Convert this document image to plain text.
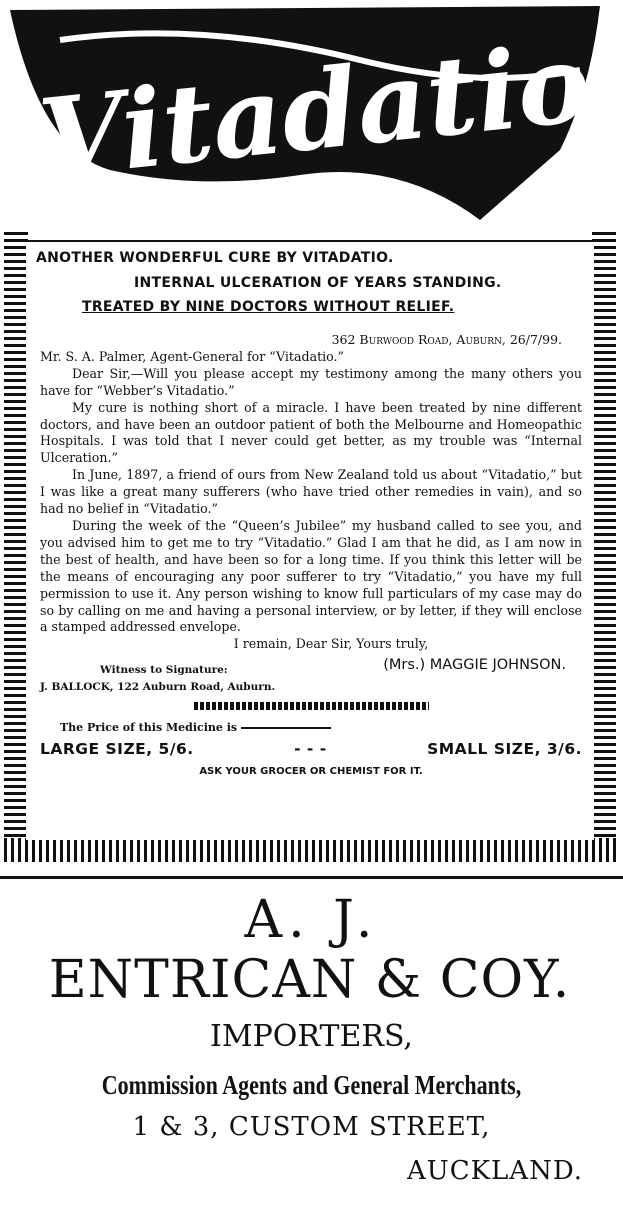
Vitadatio
ANOTHER WONDERFUL CURE BY VITADATIO.
INTERNAL ULCERATION OF YEARS STANDING.
TREATED BY NINE DOCTORS WITHOUT RELIEF.
362 Burwood Road, Auburn, 26/7/99.

Mr. S. A. Palmer, Agent-General for “Vitadatio.”

Dear Sir,—Will you please accept my testimony among the many others you have for “Webber’s Vitadatio.”

My cure is nothing short of a miracle. I have been treated by nine different doctors, and have been an outdoor patient of both the Melbourne and Homeopathic Hospitals. I was told that I never could get better, as my trouble was “Internal Ulceration.”

In June, 1897, a friend of ours from New Zealand told us about “Vitadatio,” but I was like a great many sufferers (who have tried other remedies in vain), and so had no belief in “Vitadatio.”

During the week of the “Queen’s Jubilee” my husband called to see you, and you advised him to get me to try “Vitadatio.” Glad I am that he did, as I am now in the best of health, and have been so for a long time. If you think this letter will be the means of encouraging any poor sufferer to try “Vitadatio,” you have my full permission to use it. Any person wishing to know full particulars of my case may do so by calling on me and having a personal interview, or by letter, if they will enclose a stamped addressed envelope.

I remain, Dear Sir, Yours truly,
Witness to Signature:	(Mrs.) MAGGIE JOHNSON.
J. BALLOCK, 122 Auburn Road, Auburn.
The Price of this Medicine is
LARGE SIZE, 5/6.	- - -	SMALL SIZE, 3/6.
ASK YOUR GROCER OR CHEMIST FOR IT.
A. J.
ENTRICAN & COY.
IMPORTERS,
Commission Agents and General Merchants,
1 & 3, CUSTOM STREET,
AUCKLAND.
